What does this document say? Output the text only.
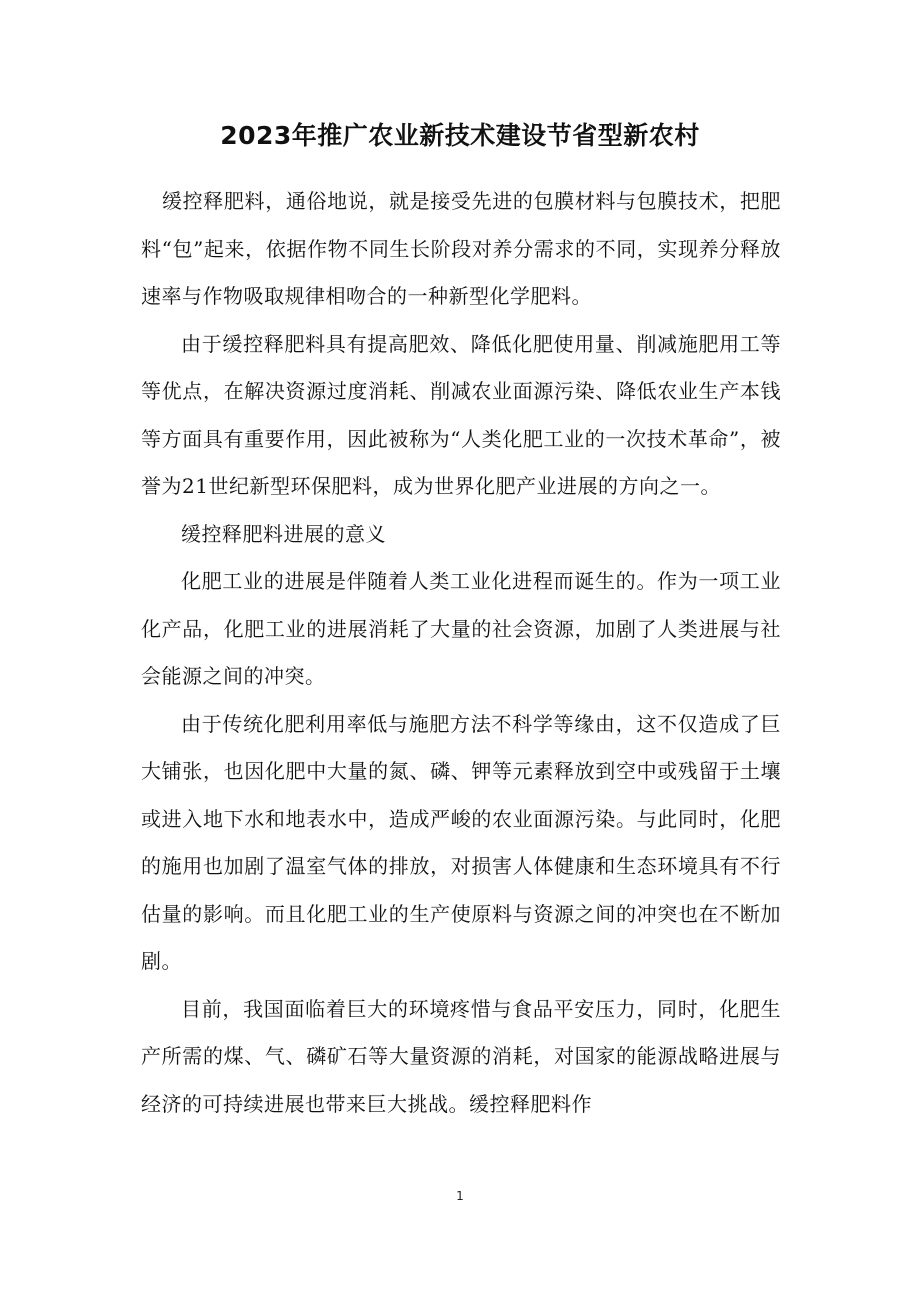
2023年推广农业新技术建设节省型新农村

缓控释肥料，通俗地说，就是接受先进的包膜材料与包膜技术，把肥料“包”起来，依据作物不同生长阶段对养分需求的不同，实现养分释放速率与作物吸取规律相吻合的一种新型化学肥料。

由于缓控释肥料具有提高肥效、降低化肥使用量、削减施肥用工等等优点，在解决资源过度消耗、削减农业面源污染、降低农业生产本钱等方面具有重要作用，因此被称为“人类化肥工业的一次技术革命”，被誉为21世纪新型环保肥料，成为世界化肥产业进展的方向之一。

缓控释肥料进展的意义

化肥工业的进展是伴随着人类工业化进程而诞生的。作为一项工业化产品，化肥工业的进展消耗了大量的社会资源，加剧了人类进展与社会能源之间的冲突。

由于传统化肥利用率低与施肥方法不科学等缘由，这不仅造成了巨大铺张，也因化肥中大量的氮、磷、钾等元素释放到空中或残留于土壤或进入地下水和地表水中，造成严峻的农业面源污染。与此同时，化肥的施用也加剧了温室气体的排放，对损害人体健康和生态环境具有不行估量的影响。而且化肥工业的生产使原料与资源之间的冲突也在不断加剧。

目前，我国面临着巨大的环境疼惜与食品平安压力，同时，化肥生产所需的煤、气、磷矿石等大量资源的消耗，对国家的能源战略进展与经济的可持续进展也带来巨大挑战。缓控释肥料作

1
